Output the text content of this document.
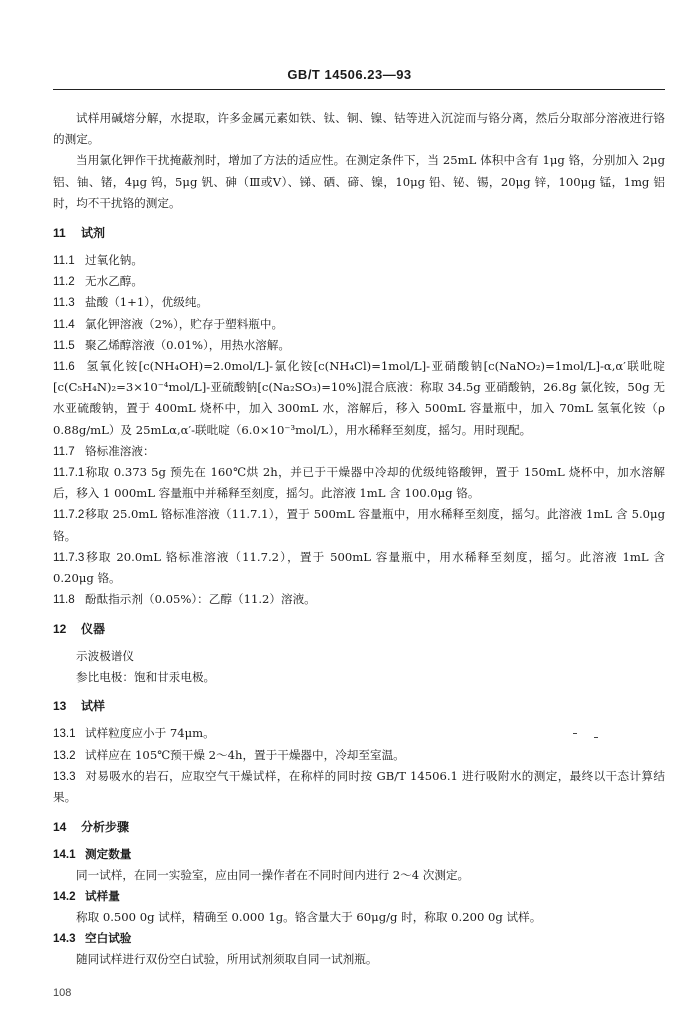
GB/T 14506.23—93

试样用碱熔分解，水提取，许多金属元素如铁、钛、铜、镍、钴等进入沉淀而与铬分离，然后分取部分溶液进行铬的测定。

当用氯化钾作干扰掩蔽剂时，增加了方法的适应性。在测定条件下，当 25mL 体积中含有 1μg 铬，分别加入 2μg 铝、铀、锗，4μg 钨，5μg 钒、砷（Ⅲ或Ⅴ）、锑、硒、碲、镍，10μg 铅、铋、锡，20μg 锌，100μg 锰，1mg 铝时，均不干扰铬的测定。

11 试剂

11.1 过氧化钠。

11.2 无水乙醇。

11.3 盐酸（1+1），优级纯。

11.4 氯化钾溶液（2%），贮存于塑料瓶中。

11.5 聚乙烯醇溶液（0.01%），用热水溶解。

11.6 氢氧化铵[c(NH₄OH)=2.0mol/L]-氯化铵[c(NH₄Cl)=1mol/L]-亚硝酸钠[c(NaNO₂)=1mol/L]-α,α′联吡啶[c(C₅H₄N)₂=3×10⁻⁴mol/L]-亚硫酸钠[c(Na₂SO₃)=10%]混合底液：称取 34.5g 亚硝酸钠，26.8g 氯化铵，50g 无水亚硫酸钠，置于 400mL 烧杯中，加入 300mL 水，溶解后，移入 500mL 容量瓶中，加入 70mL 氢氧化铵（ρ 0.88g/mL）及 25mLα,α′-联吡啶（6.0×10⁻³mol/L），用水稀释至刻度，摇匀。用时现配。

11.7 铬标准溶液：

11.7.1称取 0.373 5g 预先在 160℃烘 2h，并已于干燥器中冷却的优级纯铬酸钾，置于 150mL 烧杯中，加水溶解后，移入 1 000mL 容量瓶中并稀释至刻度，摇匀。此溶液 1mL 含 100.0μg 铬。

11.7.2移取 25.0mL 铬标准溶液（11.7.1），置于 500mL 容量瓶中，用水稀释至刻度，摇匀。此溶液 1mL 含 5.0μg 铬。

11.7.3移取 20.0mL 铬标准溶液（11.7.2），置于 500mL 容量瓶中，用水稀释至刻度，摇匀。此溶液 1mL 含 0.20μg 铬。

11.8 酚酞指示剂（0.05%）：乙醇（11.2）溶液。

12 仪器

示波极谱仪

参比电极：饱和甘汞电极。

13 试样

13.1 试样粒度应小于 74μm。

13.2 试样应在 105℃预干燥 2～4h，置于干燥器中，冷却至室温。

13.3 对易吸水的岩石，应取空气干燥试样，在称样的同时按 GB/T 14506.1 进行吸附水的测定，最终以干态计算结果。

14 分析步骤

14.1 测定数量

同一试样，在同一实验室，应由同一操作者在不同时间内进行 2～4 次测定。

14.2 试样量

称取 0.500 0g 试样，精确至 0.000 1g。铬含量大于 60μg/g 时，称取 0.200 0g 试样。

14.3 空白试验

随同试样进行双份空白试验，所用试剂须取自同一试剂瓶。

108
